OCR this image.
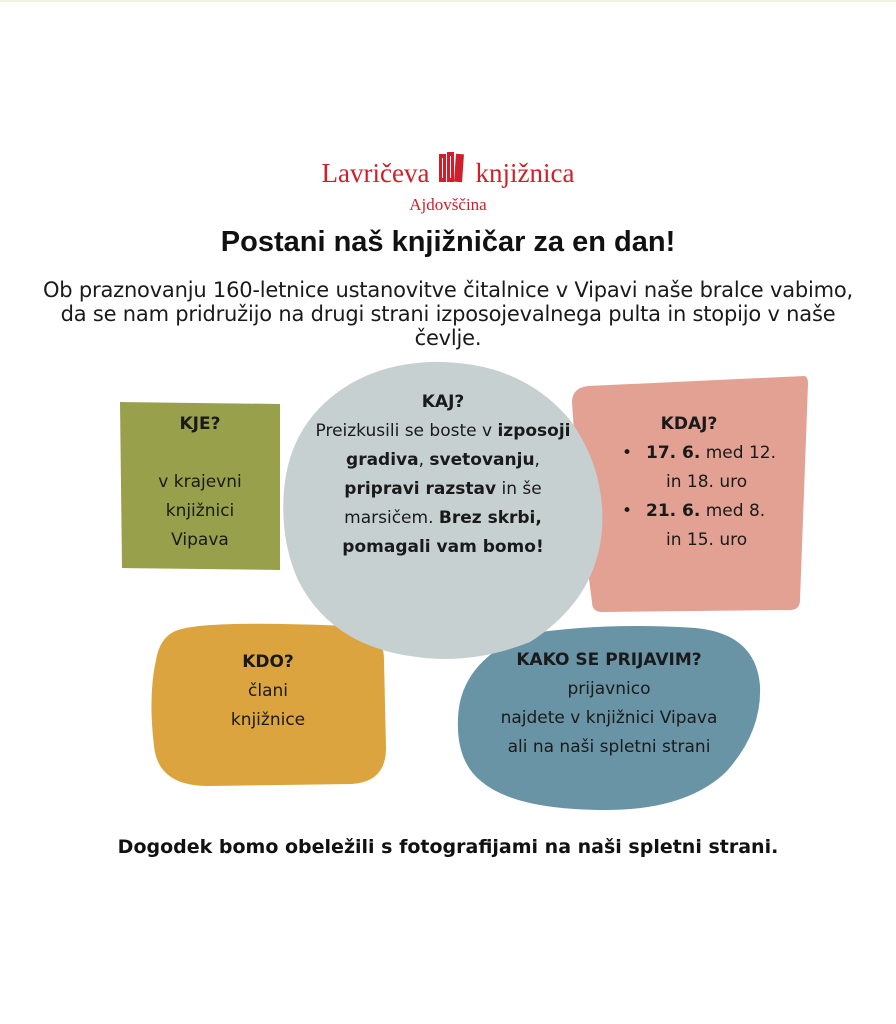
Lavričeva knjižnica
Ajdovščina
Postani naš knjižničar za en dan!
Ob praznovanju 160-letnice ustanovitve čitalnice v Vipavi naše bralce vabimo, da se nam pridružijo na drugi strani izposojevalnega pulta in stopijo v naše čevlje.
KJE?
v krajevni
knjižnici
Vipava
KDAJ?
• 17. 6. med 12.
in 18. uro
• 21. 6. med 8.
in 15. uro
KDO?
člani
knjižnice
KAKO SE PRIJAVIM?
prijavnico
najdete v knjižnici Vipava
ali na naši spletni strani
KAJ?
Preizkusili se boste v izposoji gradiva, svetovanju, pripravi razstav in še marsičem. Brez skrbi, pomagali vam bomo!
Dogodek bomo obeležili s fotografijami na naši spletni strani.
